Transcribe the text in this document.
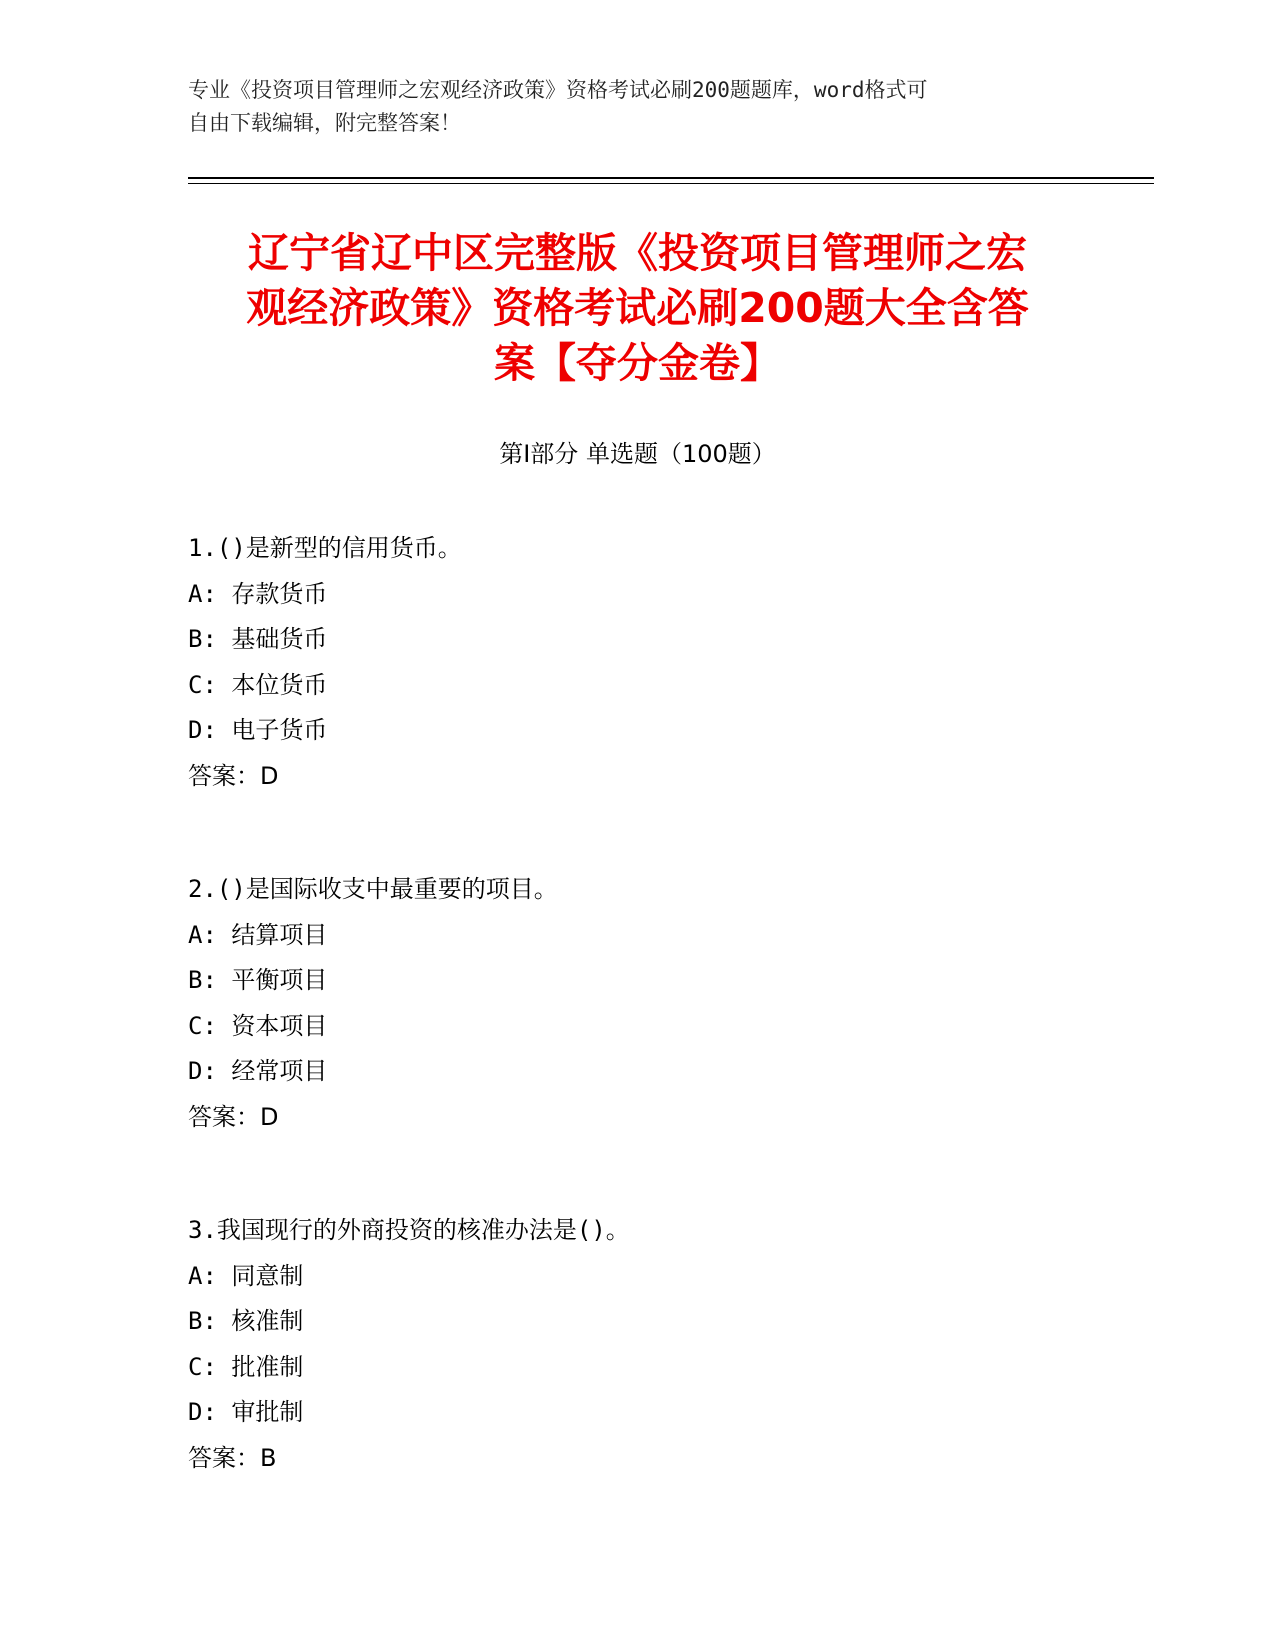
专业《投资项目管理师之宏观经济政策》资格考试必刷200题题库，word格式可
自由下载编辑，附完整答案！
辽宁省辽中区完整版《投资项目管理师之宏
观经济政策》资格考试必刷200题大全含答
案【夺分金卷】
第Ⅰ部分 单选题（100题）
1.()是新型的信用货币。
A: 存款货币
B: 基础货币
C: 本位货币
D: 电子货币
答案：D
2.()是国际收支中最重要的项目。
A: 结算项目
B: 平衡项目
C: 资本项目
D: 经常项目
答案：D
3.我国现行的外商投资的核准办法是()。
A: 同意制
B: 核准制
C: 批准制
D: 审批制
答案：B
